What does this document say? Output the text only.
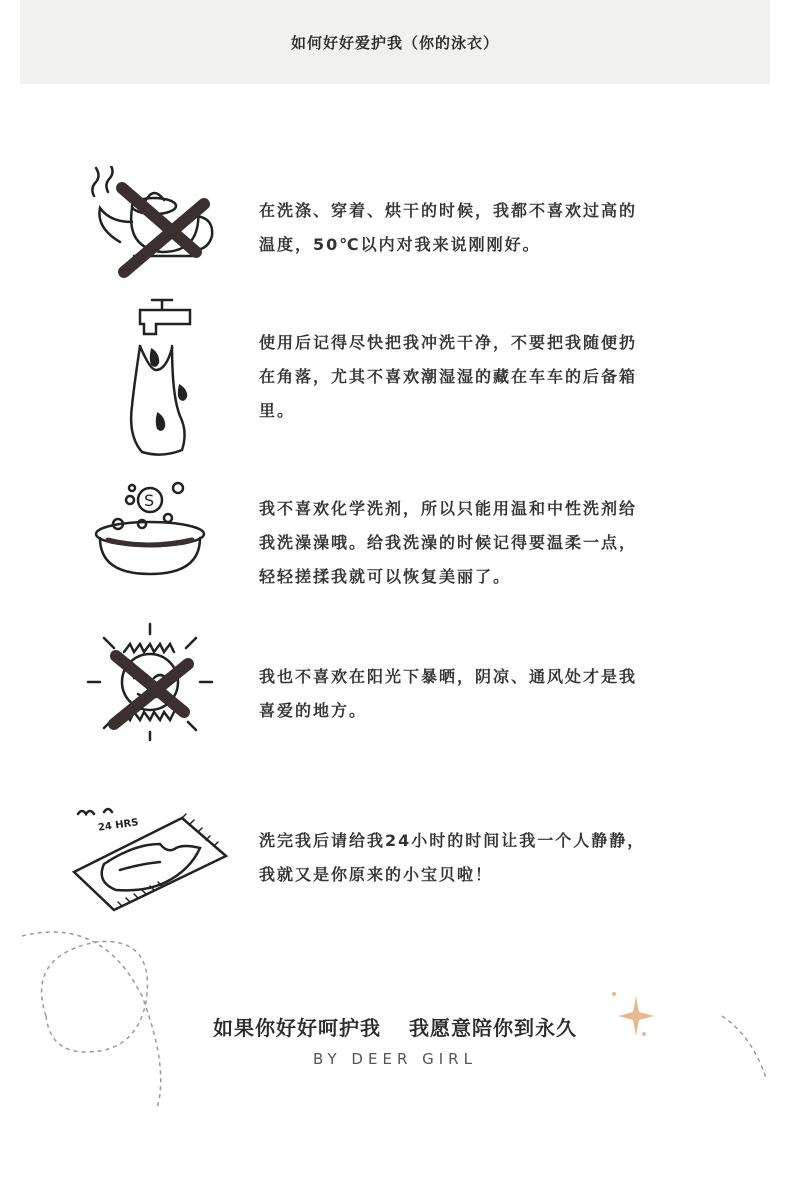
如何好好爱护我（你的泳衣）
在洗涤、穿着、烘干的时候，我都不喜欢过高的
温度，50℃以内对我来说刚刚好。
使用后记得尽快把我冲洗干净，不要把我随便扔
在角落，尤其不喜欢潮湿湿的藏在车车的后备箱
里。
S	我不喜欢化学洗剂，所以只能用温和中性洗剂给
我洗澡澡哦。给我洗澡的时候记得要温柔一点，
轻轻搓揉我就可以恢复美丽了。
我也不喜欢在阳光下暴晒，阴凉、通风处才是我
喜爱的地方。
24 HRS
洗完我后请给我24小时的时间让我一个人静静，
我就又是你原来的小宝贝啦！
如果你好好呵护我 我愿意陪你到永久
BY DEER GIRL
